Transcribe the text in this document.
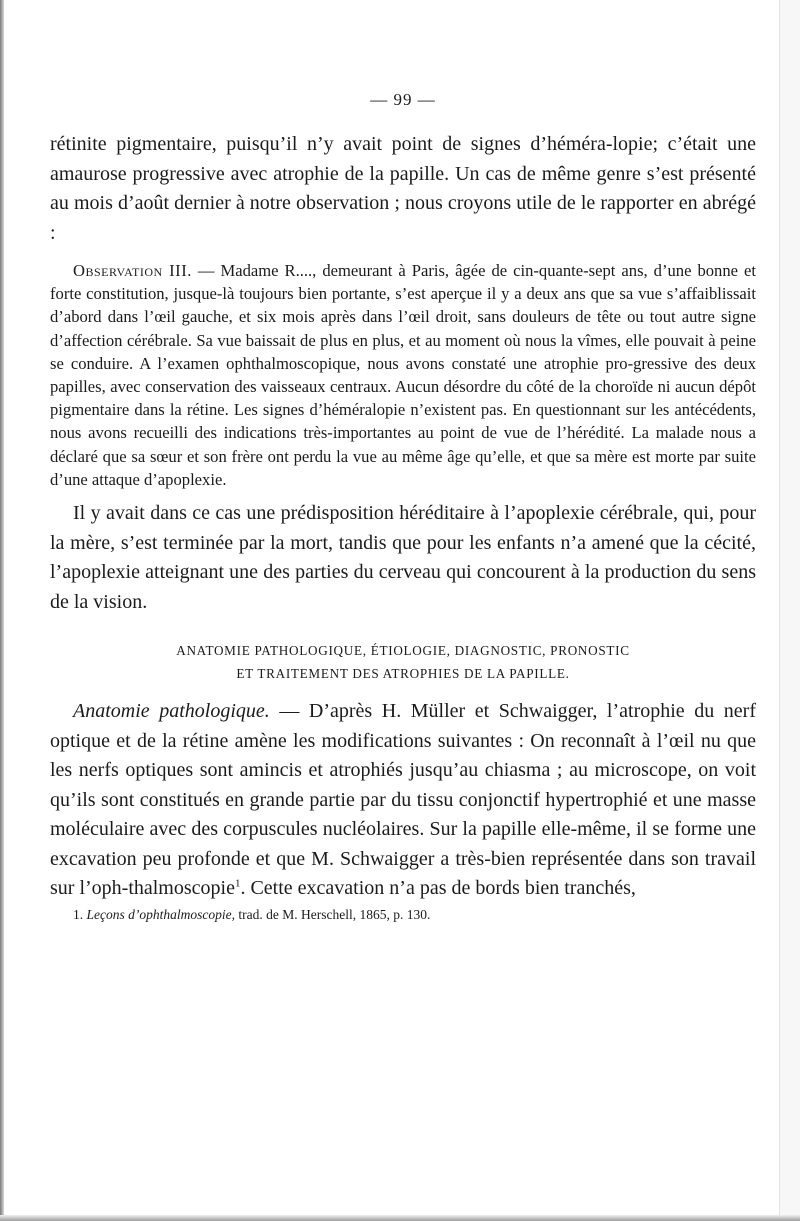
— 99 —

rétinite pigmentaire, puisqu’il n’y avait point de signes d’héméra-lopie; c’était une amaurose progressive avec atrophie de la papille. Un cas de même genre s’est présenté au mois d’août dernier à notre observation ; nous croyons utile de le rapporter en abrégé :

Observation III. — Madame R...., demeurant à Paris, âgée de cin-quante-sept ans, d’une bonne et forte constitution, jusque-là toujours bien portante, s’est aperçue il y a deux ans que sa vue s’affaiblissait d’abord dans l’œil gauche, et six mois après dans l’œil droit, sans douleurs de tête ou tout autre signe d’affection cérébrale. Sa vue baissait de plus en plus, et au moment où nous la vîmes, elle pouvait à peine se conduire. A l’examen ophthalmoscopique, nous avons constaté une atrophie pro-gressive des deux papilles, avec conservation des vaisseaux centraux. Aucun désordre du côté de la choroïde ni aucun dépôt pigmentaire dans la rétine. Les signes d’héméralopie n’existent pas. En questionnant sur les antécédents, nous avons recueilli des indications très-importantes au point de vue de l’hérédité. La malade nous a déclaré que sa sœur et son frère ont perdu la vue au même âge qu’elle, et que sa mère est morte par suite d’une attaque d’apoplexie.

Il y avait dans ce cas une prédisposition héréditaire à l’apoplexie cérébrale, qui, pour la mère, s’est terminée par la mort, tandis que pour les enfants n’a amené que la cécité, l’apoplexie atteignant une des parties du cerveau qui concourent à la production du sens de la vision.

ANATOMIE PATHOLOGIQUE, ÉTIOLOGIE, DIAGNOSTIC, PRONOSTIC
ET TRAITEMENT DES ATROPHIES DE LA PAPILLE.

Anatomie pathologique. — D’après H. Müller et Schwaigger, l’atrophie du nerf optique et de la rétine amène les modifications suivantes : On reconnaît à l’œil nu que les nerfs optiques sont amincis et atrophiés jusqu’au chiasma ; au microscope, on voit qu’ils sont constitués en grande partie par du tissu conjonctif hypertrophié et une masse moléculaire avec des corpuscules nucléolaires. Sur la papille elle-même, il se forme une excavation peu profonde et que M. Schwaigger a très-bien représentée dans son travail sur l’oph-thalmoscopie$^1$. Cette excavation n’a pas de bords bien tranchés,

1. Leçons d’ophthalmoscopie, trad. de M. Herschell, 1865, p. 130.
